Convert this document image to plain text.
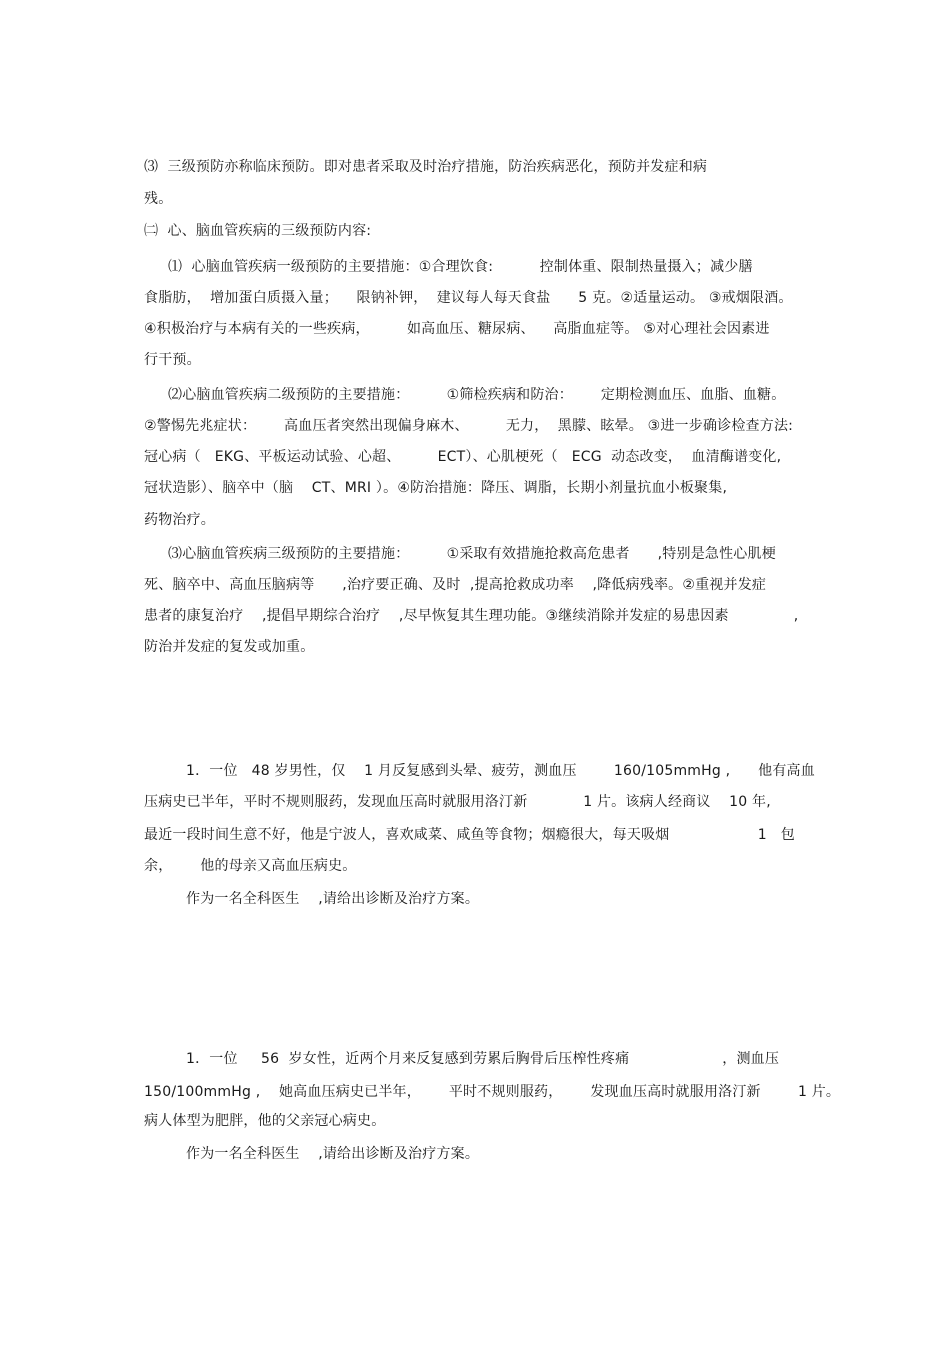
⑶  三级预防亦称临床预防。即对患者采取及时治疗措施，防治疾病恶化，预防并发症和病

残。

㈡  心、脑血管疾病的三级预防内容:

⑴  心脑血管疾病一级预防的主要措施：①合理饮食:          控制体重、限制热量摄入；减少膳

食脂肪，  增加蛋白质摄入量；    限钠补钾，  建议每人每天食盐      5 克。②适量运动。 ③戒烟限酒。

④积极治疗与本病有关的一些疾病，        如高血压、糖尿病、    高脂血症等。 ⑤对心理社会因素进

行干预。

⑵心脑血管疾病二级预防的主要措施：        ①筛检疾病和防治：      定期检测血压、血脂、血糖。

②警惕先兆症状：      高血压者突然出现偏身麻木、        无力，  黑朦、眩晕。 ③进一步确诊检查方法:

冠心病（   EKG、平板运动试验、心超、        ECT）、心肌梗死（   ECG  动态改变，  血清酶谱变化,

冠状造影）、脑卒中（脑    CT、MRI ）。④防治措施：降压、调脂，长期小剂量抗血小板聚集,

药物治疗。

⑶心脑血管疾病三级预防的主要措施：        ①采取有效措施抢救高危患者      ,特别是急性心肌梗

死、脑卒中、高血压脑病等      ,治疗要正确、及时  ,提高抢救成功率    ,降低病残率。②重视并发症

患者的康复治疗    ,提倡早期综合治疗    ,尽早恢复其生理功能。③继续消除并发症的易患因素              ,

防治并发症的复发或加重。

1．一位   48 岁男性，仅    1 月反复感到头晕、疲劳，测血压        160/105mmHg ,      他有高血

压病史已半年，平时不规则服药，发现血压高时就服用洛汀新            1 片。该病人经商议    10 年,

最近一段时间生意不好，他是宁波人，喜欢咸菜、咸鱼等食物；烟瘾很大，每天吸烟                   1   包

余，      他的母亲又高血压病史。

作为一名全科医生    ,请给出诊断及治疗方案。

1．一位     56  岁女性，近两个月来反复感到劳累后胸骨后压榨性疼痛                    ，测血压

150/100mmHg ,    她高血压病史已半年，      平时不规则服药，      发现血压高时就服用洛汀新        1 片。

病人体型为肥胖，他的父亲冠心病史。

作为一名全科医生    ,请给出诊断及治疗方案。
